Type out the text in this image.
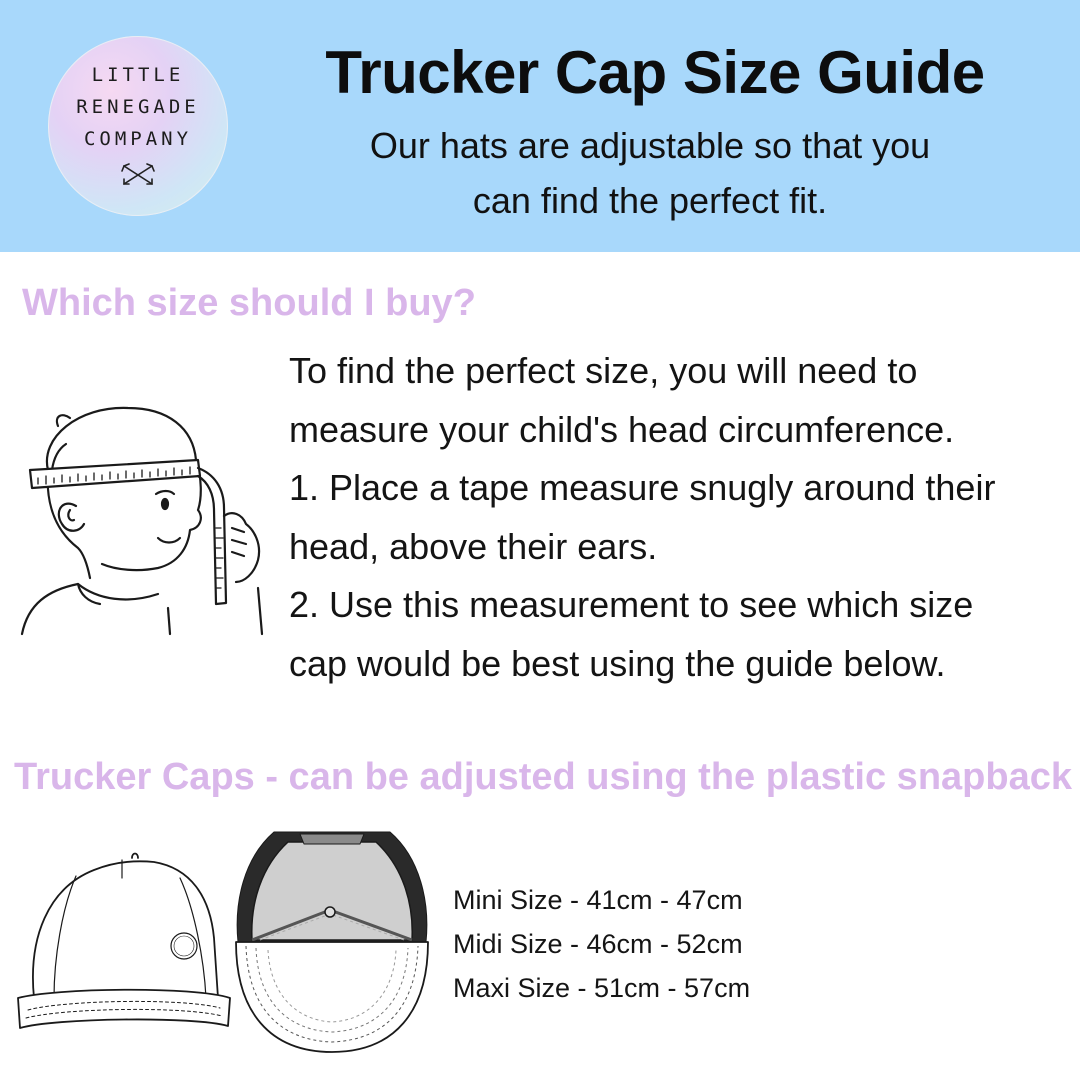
LITTLE
RENEGADE
COMPANY
Trucker Cap Size Guide
Our hats are adjustable so that you
can find the perfect fit.
Which size should I buy?
To find the perfect size, you will need to
measure your child's head circumference.
1. Place a tape measure snugly around their
head, above their ears.
2. Use this measurement to see which size
cap would be best using the guide below.
Trucker Caps - can be adjusted using the plastic snapback
Mini Size - 41cm - 47cm
Midi Size - 46cm - 52cm
Maxi Size - 51cm - 57cm
